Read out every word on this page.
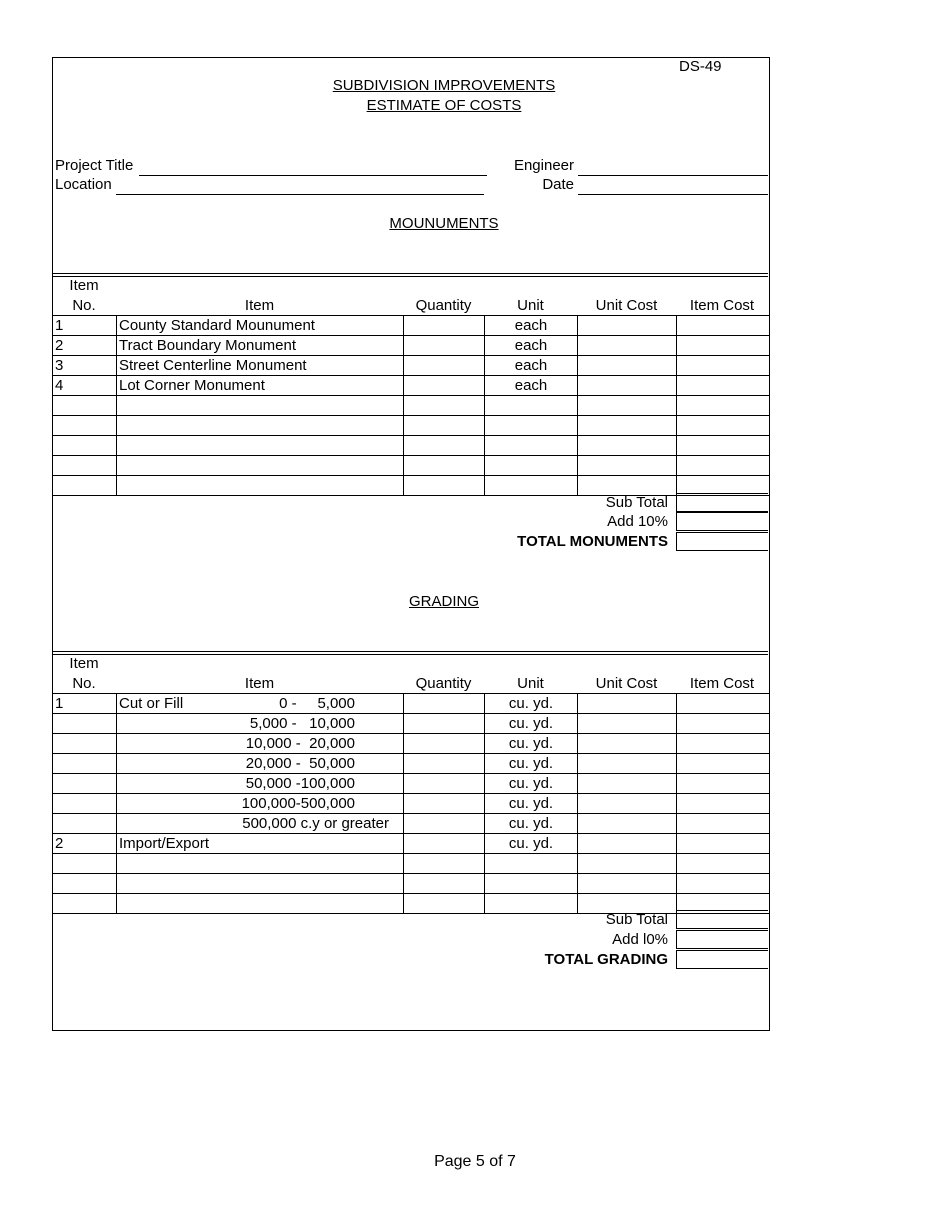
DS-49
SUBDIVISION IMPROVEMENTS
ESTIMATE OF COSTS
Project Title
Location
Engineer
Date
MOUNUMENTS
Item
No.	Item	Quantity	Unit	Unit Cost	Item Cost
1	County Standard Mounument		each		
2	Tract Boundary Monument		each		
3	Street Centerline Monument		each		
4	Lot Corner Monument		each		

Sub Total
Add 10%
TOTAL MONUMENTS
GRADING
Item
No.	Item	Quantity	Unit	Unit Cost	Item Cost
1	Cut or Fill 0 -     5,000		cu. yd.		
	5,000 -   10,000		cu. yd.		
	10,000 -  20,000		cu. yd.		
	20,000 -  50,000		cu. yd.		
	50,000 -100,000		cu. yd.		
	100,000-500,000		cu. yd.		
	500,000 c.y or greater		cu. yd.		
2	Import/Export		cu. yd.		

Sub Total
Add l0%
TOTAL GRADING
Page 5 of 7
